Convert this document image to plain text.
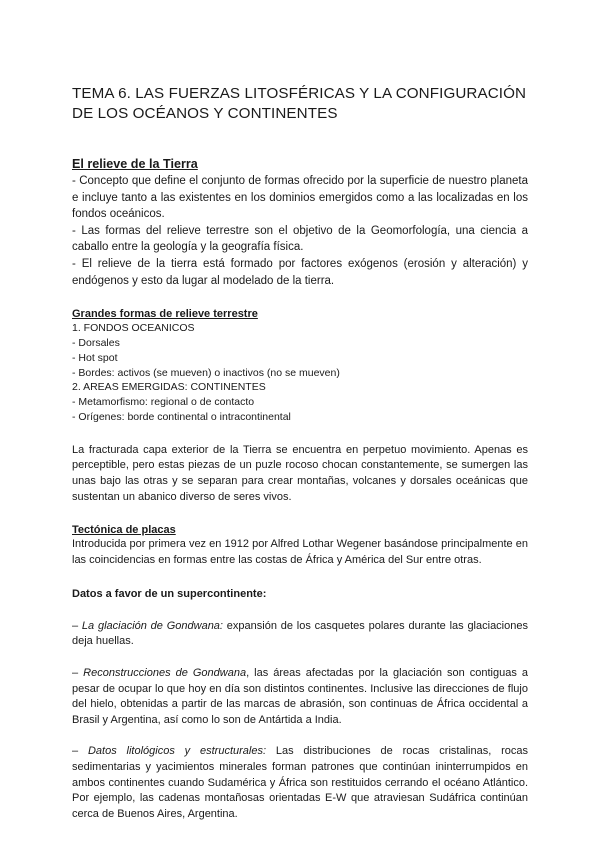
TEMA 6. LAS FUERZAS LITOSFÉRICAS Y LA CONFIGURACIÓN DE LOS OCÉANOS Y CONTINENTES
El relieve de la Tierra

- Concepto que define el conjunto de formas ofrecido por la superficie de nuestro planeta e incluye tanto a las existentes en los dominios emergidos como a las localizadas en los fondos oceánicos.

- Las formas del relieve terrestre son el objetivo de la Geomorfología, una ciencia a caballo entre la geología y la geografía física.

- El relieve de la tierra está formado por factores exógenos (erosión y alteración) y endógenos y esto da lugar al modelado de la tierra.

Grandes formas de relieve terrestre
1. FONDOS OCEANICOS
- Dorsales
- Hot spot
- Bordes: activos (se mueven) o inactivos (no se mueven)
2. AREAS EMERGIDAS: CONTINENTES
- Metamorfismo: regional o de contacto
- Orígenes: borde continental o intracontinental

La fracturada capa exterior de la Tierra se encuentra en perpetuo movimiento. Apenas es perceptible, pero estas piezas de un puzle rocoso chocan constantemente, se sumergen las unas bajo las otras y se separan para crear montañas, volcanes y dorsales oceánicas que sustentan un abanico diverso de seres vivos.

Tectónica de placas

Introducida por primera vez en 1912 por Alfred Lothar Wegener basándose principalmente en las coincidencias en formas entre las costas de África y América del Sur entre otras.

Datos a favor de un supercontinente:

– La glaciación de Gondwana: expansión de los casquetes polares durante las glaciaciones deja huellas.

– Reconstrucciones de Gondwana, las áreas afectadas por la glaciación son contiguas a pesar de ocupar lo que hoy en día son distintos continentes. Inclusive las direcciones de flujo del hielo, obtenidas a partir de las marcas de abrasión, son continuas de África occidental a Brasil y Argentina, así como lo son de Antártida a India.

– Datos litológicos y estructurales: Las distribuciones de rocas cristalinas, rocas sedimentarias y yacimientos minerales forman patrones que continúan ininterrumpidos en ambos continentes cuando Sudamérica y África son restituidos cerrando el océano Atlántico. Por ejemplo, las cadenas montañosas orientadas E-W que atraviesan Sudáfrica continúan cerca de Buenos Aires, Argentina.
